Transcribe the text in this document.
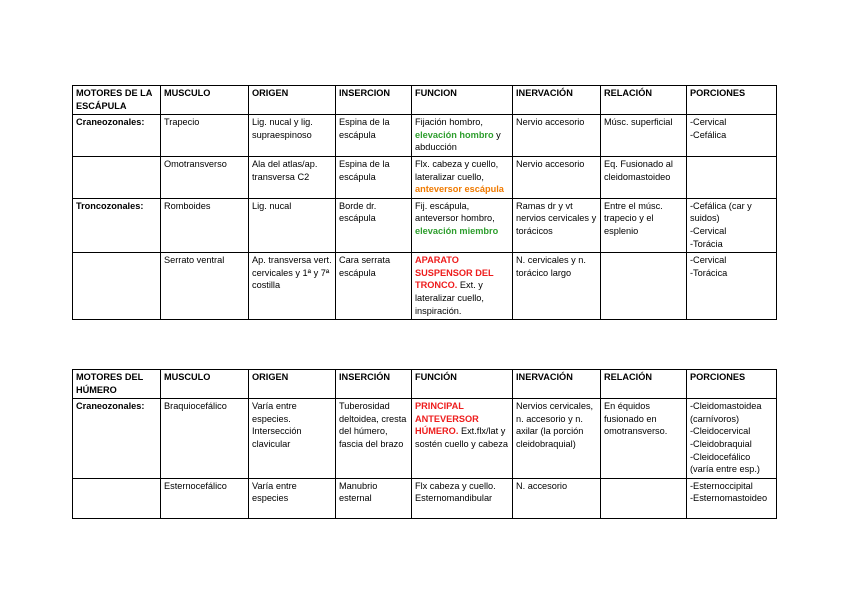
MOTORES DE LA ESCÁPULA	MUSCULO	ORIGEN	INSERCION	FUNCION	INERVACIÓN	RELACIÓN	PORCIONES
Craneozonales:	Trapecio	Lig. nucal y lig. supraespinoso	Espina de la escápula	Fijación hombro, elevación hombro y abducción	Nervio accesorio	Músc. superficial	-Cervical
-Cefálica

	Omotransverso	Ala del atlas/ap. transversa C2	Espina de la escápula	Flx. cabeza y cuello, lateralizar cuello, anteversor escápula	Nervio accesorio	Eq. Fusionado al cleidomastoideo	
Troncozonales:	Romboides	Lig. nucal	Borde dr. escápula	Fij. escápula, anteversor hombro, elevación miembro	Ramas dr y vt nervios cervicales y torácicos	Entre el músc. trapecio y el esplenio	-Cefálica (car y suidos)
-Cervical
-Torácia

	Serrato ventral	Ap. transversa vert. cervicales y 1ª y 7ª costilla	Cara serrata escápula	APARATO SUSPENSOR DEL TRONCO. Ext. y lateralizar cuello, inspiración.	N. cervicales y n. torácico largo		-Cervical
-Torácica
MOTORES DEL HÚMERO	MUSCULO	ORIGEN	INSERCIÓN	FUNCIÓN	INERVACIÓN	RELACIÓN	PORCIONES
Craneozonales:	Braquiocefálico	Varía entre especies. Intersección clavicular	Tuberosidad deltoidea, cresta del húmero, fascia del brazo	PRINCIPAL ANTEVERSOR HÚMERO. Ext.flx/lat y sostén cuello y cabeza	Nervios cervicales, n. accesorio y n. axilar (la porción cleidobraquial)	En équidos fusionado en omotransverso.	-Cleidomastoidea (carnívoros)
-Cleidocervical
-Cleidobraquial
-Cleidocefálico (varía entre esp.)

	Esternocefálico	Varía entre especies	Manubrio esternal	Flx cabeza y cuello. Esternomandibular	N. accesorio		-Esternoccipital
-Esternomastoideo
